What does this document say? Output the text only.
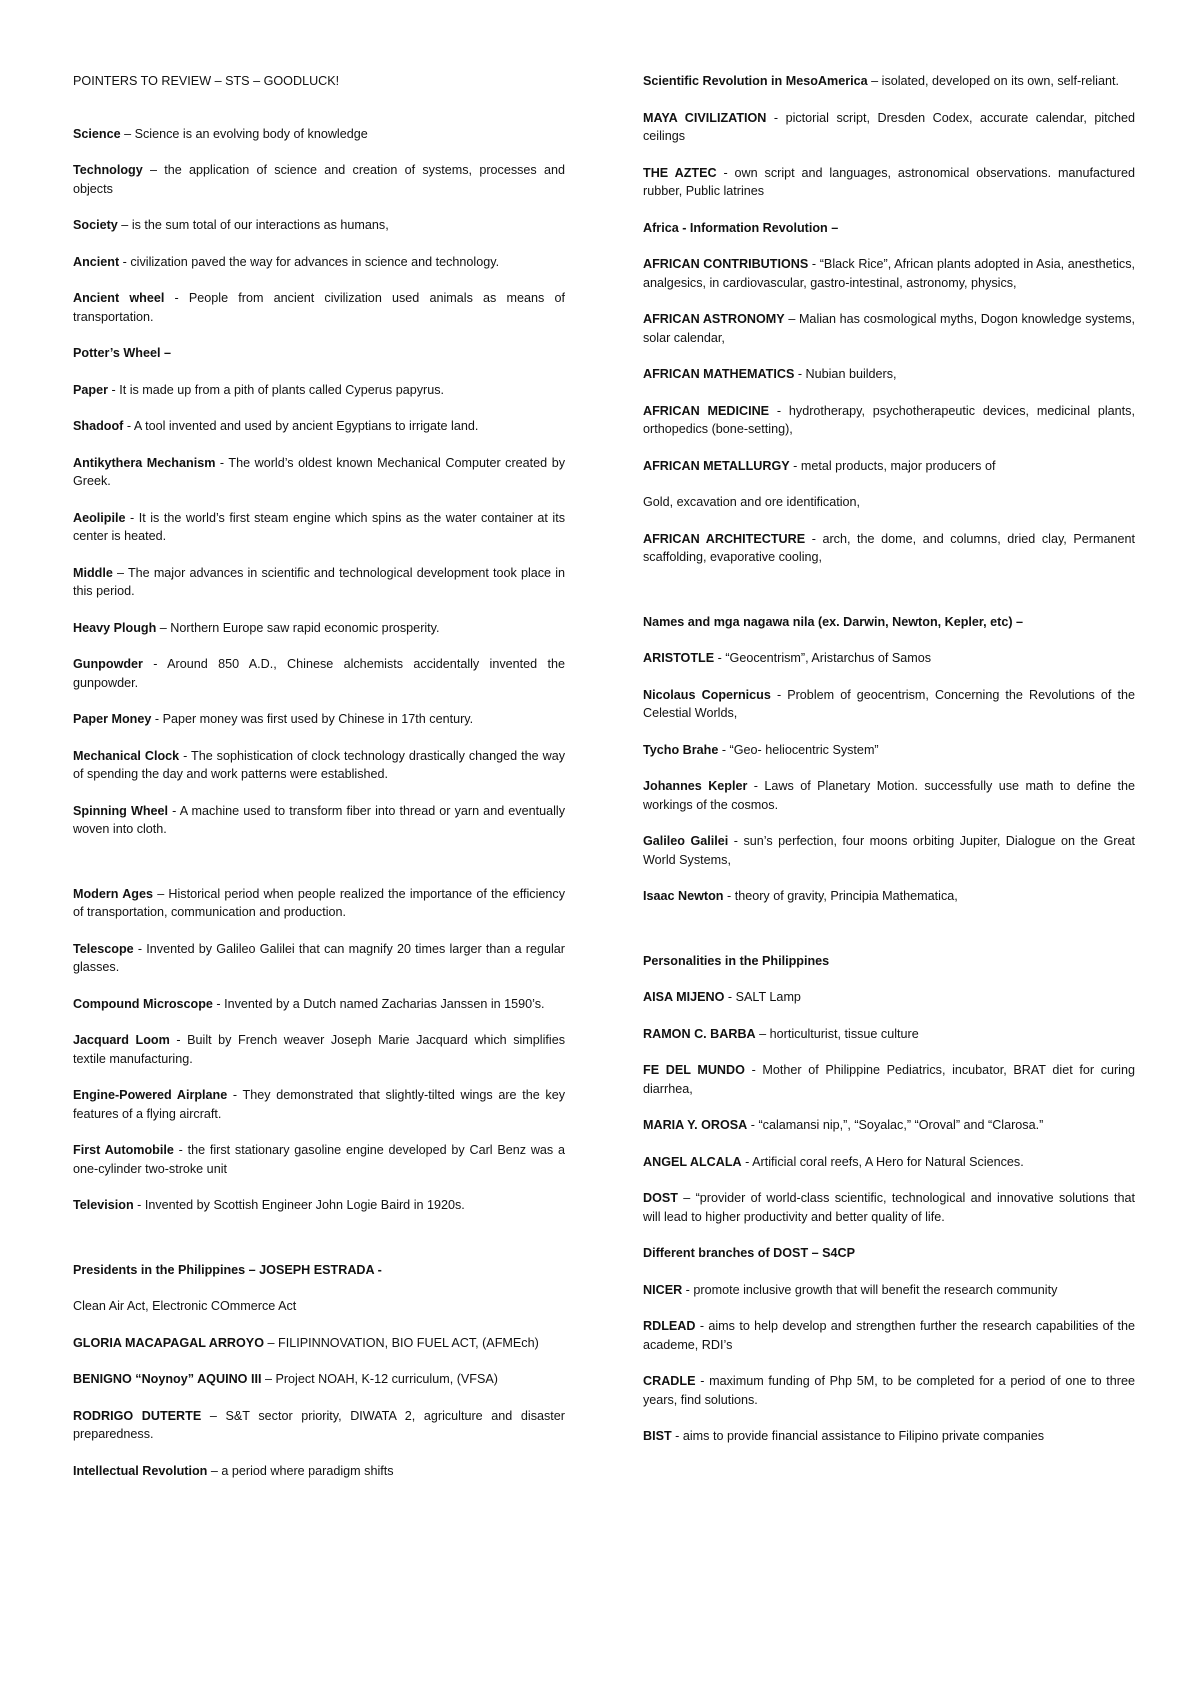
POINTERS TO REVIEW – STS – GOODLUCK!
Science – Science is an evolving body of knowledge
Technology – the application of science and creation of systems, processes and objects
Society – is the sum total of our interactions as humans,
Ancient - civilization paved the way for advances in science and technology.
Ancient wheel - People from ancient civilization used animals as means of transportation.
Potter’s Wheel –
Paper - It is made up from a pith of plants called Cyperus papyrus.
Shadoof - A tool invented and used by ancient Egyptians to irrigate land.
Antikythera Mechanism - The world’s oldest known Mechanical Computer created by Greek.
Aeolipile - It is the world’s first steam engine which spins as the water container at its center is heated.
Middle – The major advances in scientific and technological development took place in this period.
Heavy Plough – Northern Europe saw rapid economic prosperity.
Gunpowder - Around 850 A.D., Chinese alchemists accidentally invented the gunpowder.
Paper Money - Paper money was first used by Chinese in 17th century.
Mechanical Clock - The sophistication of clock technology drastically changed the way of spending the day and work patterns were established.
Spinning Wheel - A machine used to transform fiber into thread or yarn and eventually woven into cloth.
Modern Ages – Historical period when people realized the importance of the efficiency of transportation, communication and production.
Telescope - Invented by Galileo Galilei that can magnify 20 times larger than a regular glasses.
Compound Microscope - Invented by a Dutch named Zacharias Janssen in 1590’s.
Jacquard Loom - Built by French weaver Joseph Marie Jacquard which simplifies textile manufacturing.
Engine-Powered Airplane - They demonstrated that slightly-tilted wings are the key features of a flying aircraft.
First Automobile - the first stationary gasoline engine developed by Carl Benz was a one-cylinder two-stroke unit
Television - Invented by Scottish Engineer John Logie Baird in 1920s.
Presidents in the Philippines – JOSEPH ESTRADA -
Clean Air Act, Electronic COmmerce Act
GLORIA MACAPAGAL ARROYO – FILIPINNOVATION, BIO FUEL ACT, (AFMEch)
BENIGNO “Noynoy” AQUINO III – Project NOAH, K-12 curriculum, (VFSA)
RODRIGO DUTERTE – S&T sector priority, DIWATA 2, agriculture and disaster preparedness.
Intellectual Revolution – a period where paradigm shifts
Scientific Revolution in MesoAmerica – isolated, developed on its own, self-reliant.
MAYA CIVILIZATION - pictorial script, Dresden Codex, accurate calendar, pitched ceilings
THE AZTEC - own script and languages, astronomical observations. manufactured rubber, Public latrines
Africa - Information Revolution –
AFRICAN CONTRIBUTIONS - “Black Rice”, African plants adopted in Asia, anesthetics, analgesics, in cardiovascular, gastro-intestinal, astronomy, physics,
AFRICAN ASTRONOMY – Malian has cosmological myths, Dogon knowledge systems, solar calendar,
AFRICAN MATHEMATICS - Nubian builders,
AFRICAN MEDICINE - hydrotherapy, psychotherapeutic devices, medicinal plants, orthopedics (bone-setting),
AFRICAN METALLURGY - metal products, major producers of
Gold, excavation and ore identification,
AFRICAN ARCHITECTURE - arch, the dome, and columns, dried clay, Permanent scaffolding, evaporative cooling,
Names and mga nagawa nila (ex. Darwin, Newton, Kepler, etc) –
ARISTOTLE - “Geocentrism”, Aristarchus of Samos
Nicolaus Copernicus - Problem of geocentrism, Concerning the Revolutions of the Celestial Worlds,
Tycho Brahe - “Geo- heliocentric System”
Johannes Kepler - Laws of Planetary Motion. successfully use math to define the workings of the cosmos.
Galileo Galilei - sun’s perfection, four moons orbiting Jupiter, Dialogue on the Great World Systems,
Isaac Newton - theory of gravity, Principia Mathematica,
Personalities in the Philippines
AISA MIJENO - SALT Lamp
RAMON C. BARBA – horticulturist, tissue culture
FE DEL MUNDO - Mother of Philippine Pediatrics, incubator, BRAT diet for curing diarrhea,
MARIA Y. OROSA - “calamansi nip,”, “Soyalac,” “Oroval” and “Clarosa.”
ANGEL ALCALA - Artificial coral reefs, A Hero for Natural Sciences.
DOST – “provider of world-class scientific, technological and innovative solutions that will lead to higher productivity and better quality of life.
Different branches of DOST – S4CP
NICER - promote inclusive growth that will benefit the research community
RDLEAD - aims to help develop and strengthen further the research capabilities of the academe, RDI’s
CRADLE - maximum funding of Php 5M, to be completed for a period of one to three years, find solutions.
BIST - aims to provide financial assistance to Filipino private companies
